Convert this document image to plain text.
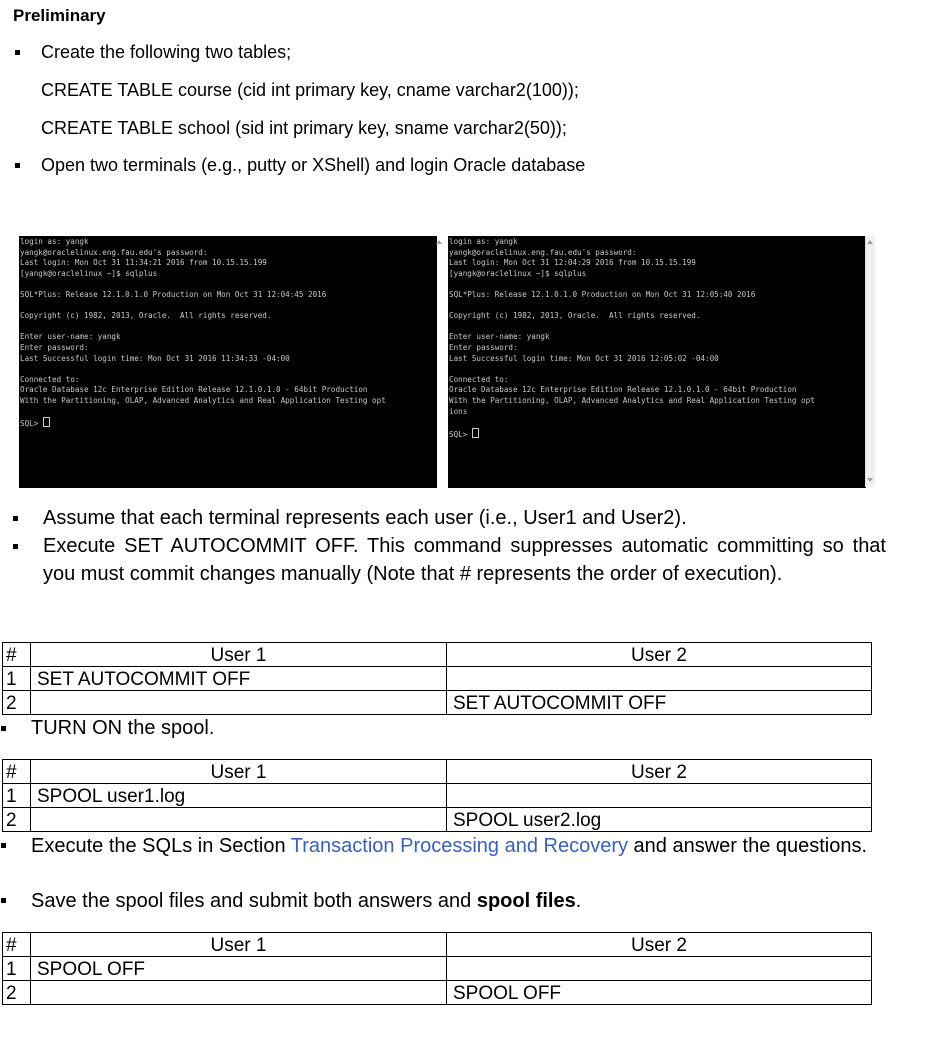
Preliminary
Create the following two tables;
CREATE TABLE course (cid int primary key, cname varchar2(100));
CREATE TABLE school (sid int primary key, sname varchar2(50));
Open two terminals (e.g., putty or XShell) and login Oracle database
login as: yangk
yangk@oraclelinux.eng.fau.edu's password:
Last login: Mon Oct 31 11:34:21 2016 from 10.15.15.199
[yangk@oraclelinux ~]$ sqlplus
SQL*Plus: Release 12.1.0.1.0 Production on Mon Oct 31 12:04:45 2016
Copyright (c) 1982, 2013, Oracle.  All rights reserved.
Enter user-name: yangk
Enter password:
Last Successful login time: Mon Oct 31 2016 11:34:33 -04:00
Connected to:
Oracle Database 12c Enterprise Edition Release 12.1.0.1.0 - 64bit Production
With the Partitioning, OLAP, Advanced Analytics and Real Application Testing opt
SQL>
login as: yangk
yangk@oraclelinux.eng.fau.edu's password:
Last login: Mon Oct 31 12:04:29 2016 from 10.15.15.199
[yangk@oraclelinux ~]$ sqlplus
SQL*Plus: Release 12.1.0.1.0 Production on Mon Oct 31 12:05:40 2016
Copyright (c) 1982, 2013, Oracle.  All rights reserved.
Enter user-name: yangk
Enter password:
Last Successful login time: Mon Oct 31 2016 12:05:02 -04:00
Connected to:
Oracle Database 12c Enterprise Edition Release 12.1.0.1.0 - 64bit Production
With the Partitioning, OLAP, Advanced Analytics and Real Application Testing opt
ions
SQL>
Assume that each terminal represents each user (i.e., User1 and User2).
Execute SET AUTOCOMMIT OFF. This command suppresses automatic committing so that you must commit changes manually (Note that # represents the order of execution).
#	User 1	User 2
1	SET AUTOCOMMIT OFF	
2		SET AUTOCOMMIT OFF
TURN ON the spool.
#	User 1	User 2
1	SPOOL user1.log	
2		SPOOL user2.log
Execute the SQLs in Section Transaction Processing and Recovery and answer the questions.
Save the spool files and submit both answers and spool files.
#	User 1	User 2
1	SPOOL OFF	
2		SPOOL OFF
